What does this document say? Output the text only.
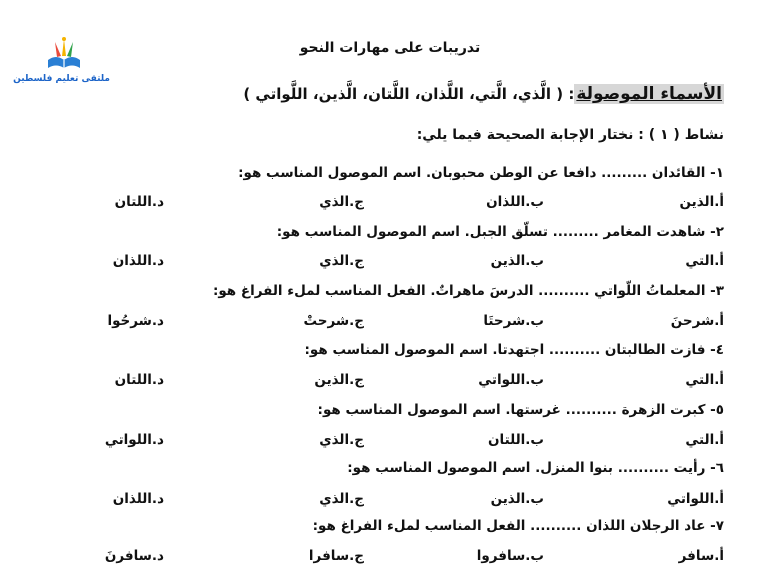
ملتقى تعليم فلسطين
تدريبات على مهارات النحو
الأسماء الموصولة: ( الَّذي، الَّتي، اللَّذان، اللَّتان، الَّذين، اللَّواتي )
نشاط ( ١ ) : نختار الإجابة الصحيحة فيما يلي:
١- القائدان ......... دافعا عن الوطن محبوبان. اسم الموصول المناسب هو:
أ.الذين
ب.اللذان
ج.الذي
د.اللتان
٢- شاهدت المغامر ......... تسلّق الجبل. اسم الموصول المناسب هو:
أ.التي
ب.الذين
ج.الذي
د.اللذان
٣- المعلماتُ اللّواتي .......... الدرسَ ماهراتٌ. الفعل المناسب لملء الفراغ هو:
أ.شرحنَ
ب.شرحتَا
ج.شرحتْ
د.شرحُوا
٤- فازت الطالبتان .......... اجتهدتا. اسم الموصول المناسب هو:
أ.التي
ب.اللواتي
ج.الذين
د.اللتان
٥- كبرت الزهرة .......... غرستها. اسم الموصول المناسب هو:
أ.التي
ب.اللتان
ج.الذي
د.اللواتي
٦- رأيت .......... بنوا المنزل. اسم الموصول المناسب هو:
أ.اللواتي
ب.الذين
ج.الذي
د.اللذان
٧- عاد الرجلان اللذان .......... الفعل المناسب لملء الفراغ هو:
أ.سافر
ب.سافروا
ج.سافرا
د.سافرنَ
